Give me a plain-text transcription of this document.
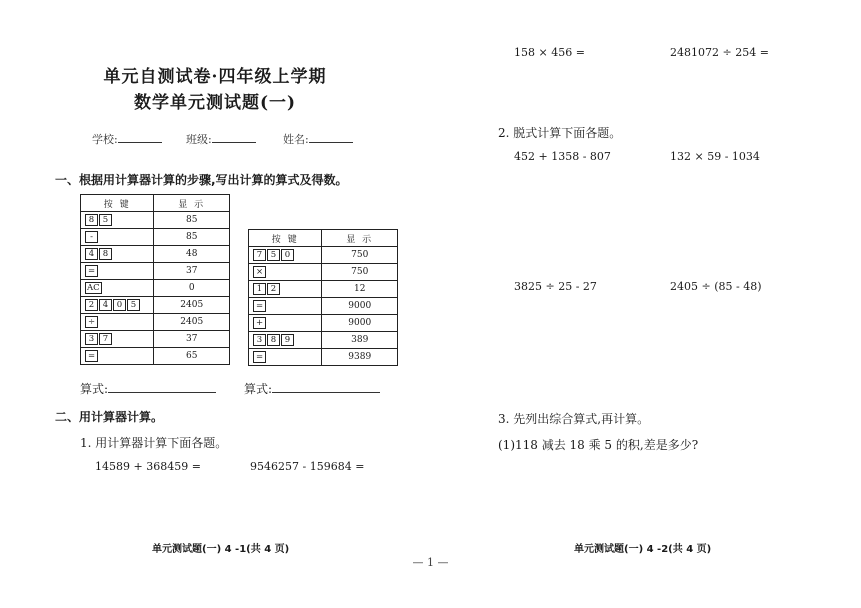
单元自测试卷·四年级上学期
数学单元测试题(一)
学校:	班级:	姓名:
一、根据用计算器计算的步骤,写出计算的算式及得数。
按 键	显 示
8 5	85
-	85
4 8	48
=	37
AC	0
2 4 0 5	2405
÷	2405
3 7	37
=	65
按 键	显 示
7 5 0	750
×	750
1 2	12
=	9000
+	9000
3 8 9	389
=	9389
算式:	算式:
二、用计算器计算。
1. 用计算器计算下面各题。
14589 + 368459 =	9546257 - 159684 =
158 × 456 =	2481072 ÷ 254 =
2. 脱式计算下面各题。
452 + 1358 - 807	132 × 59 - 1034
3825 ÷ 25 - 27	2405 ÷ (85 - 48)
3. 先列出综合算式,再计算。
(1)118 减去 18 乘 5 的积,差是多少?
单元测试题(一) 4 -1(共 4 页)	单元测试题(一) 4 -2(共 4 页)
— 1 —
